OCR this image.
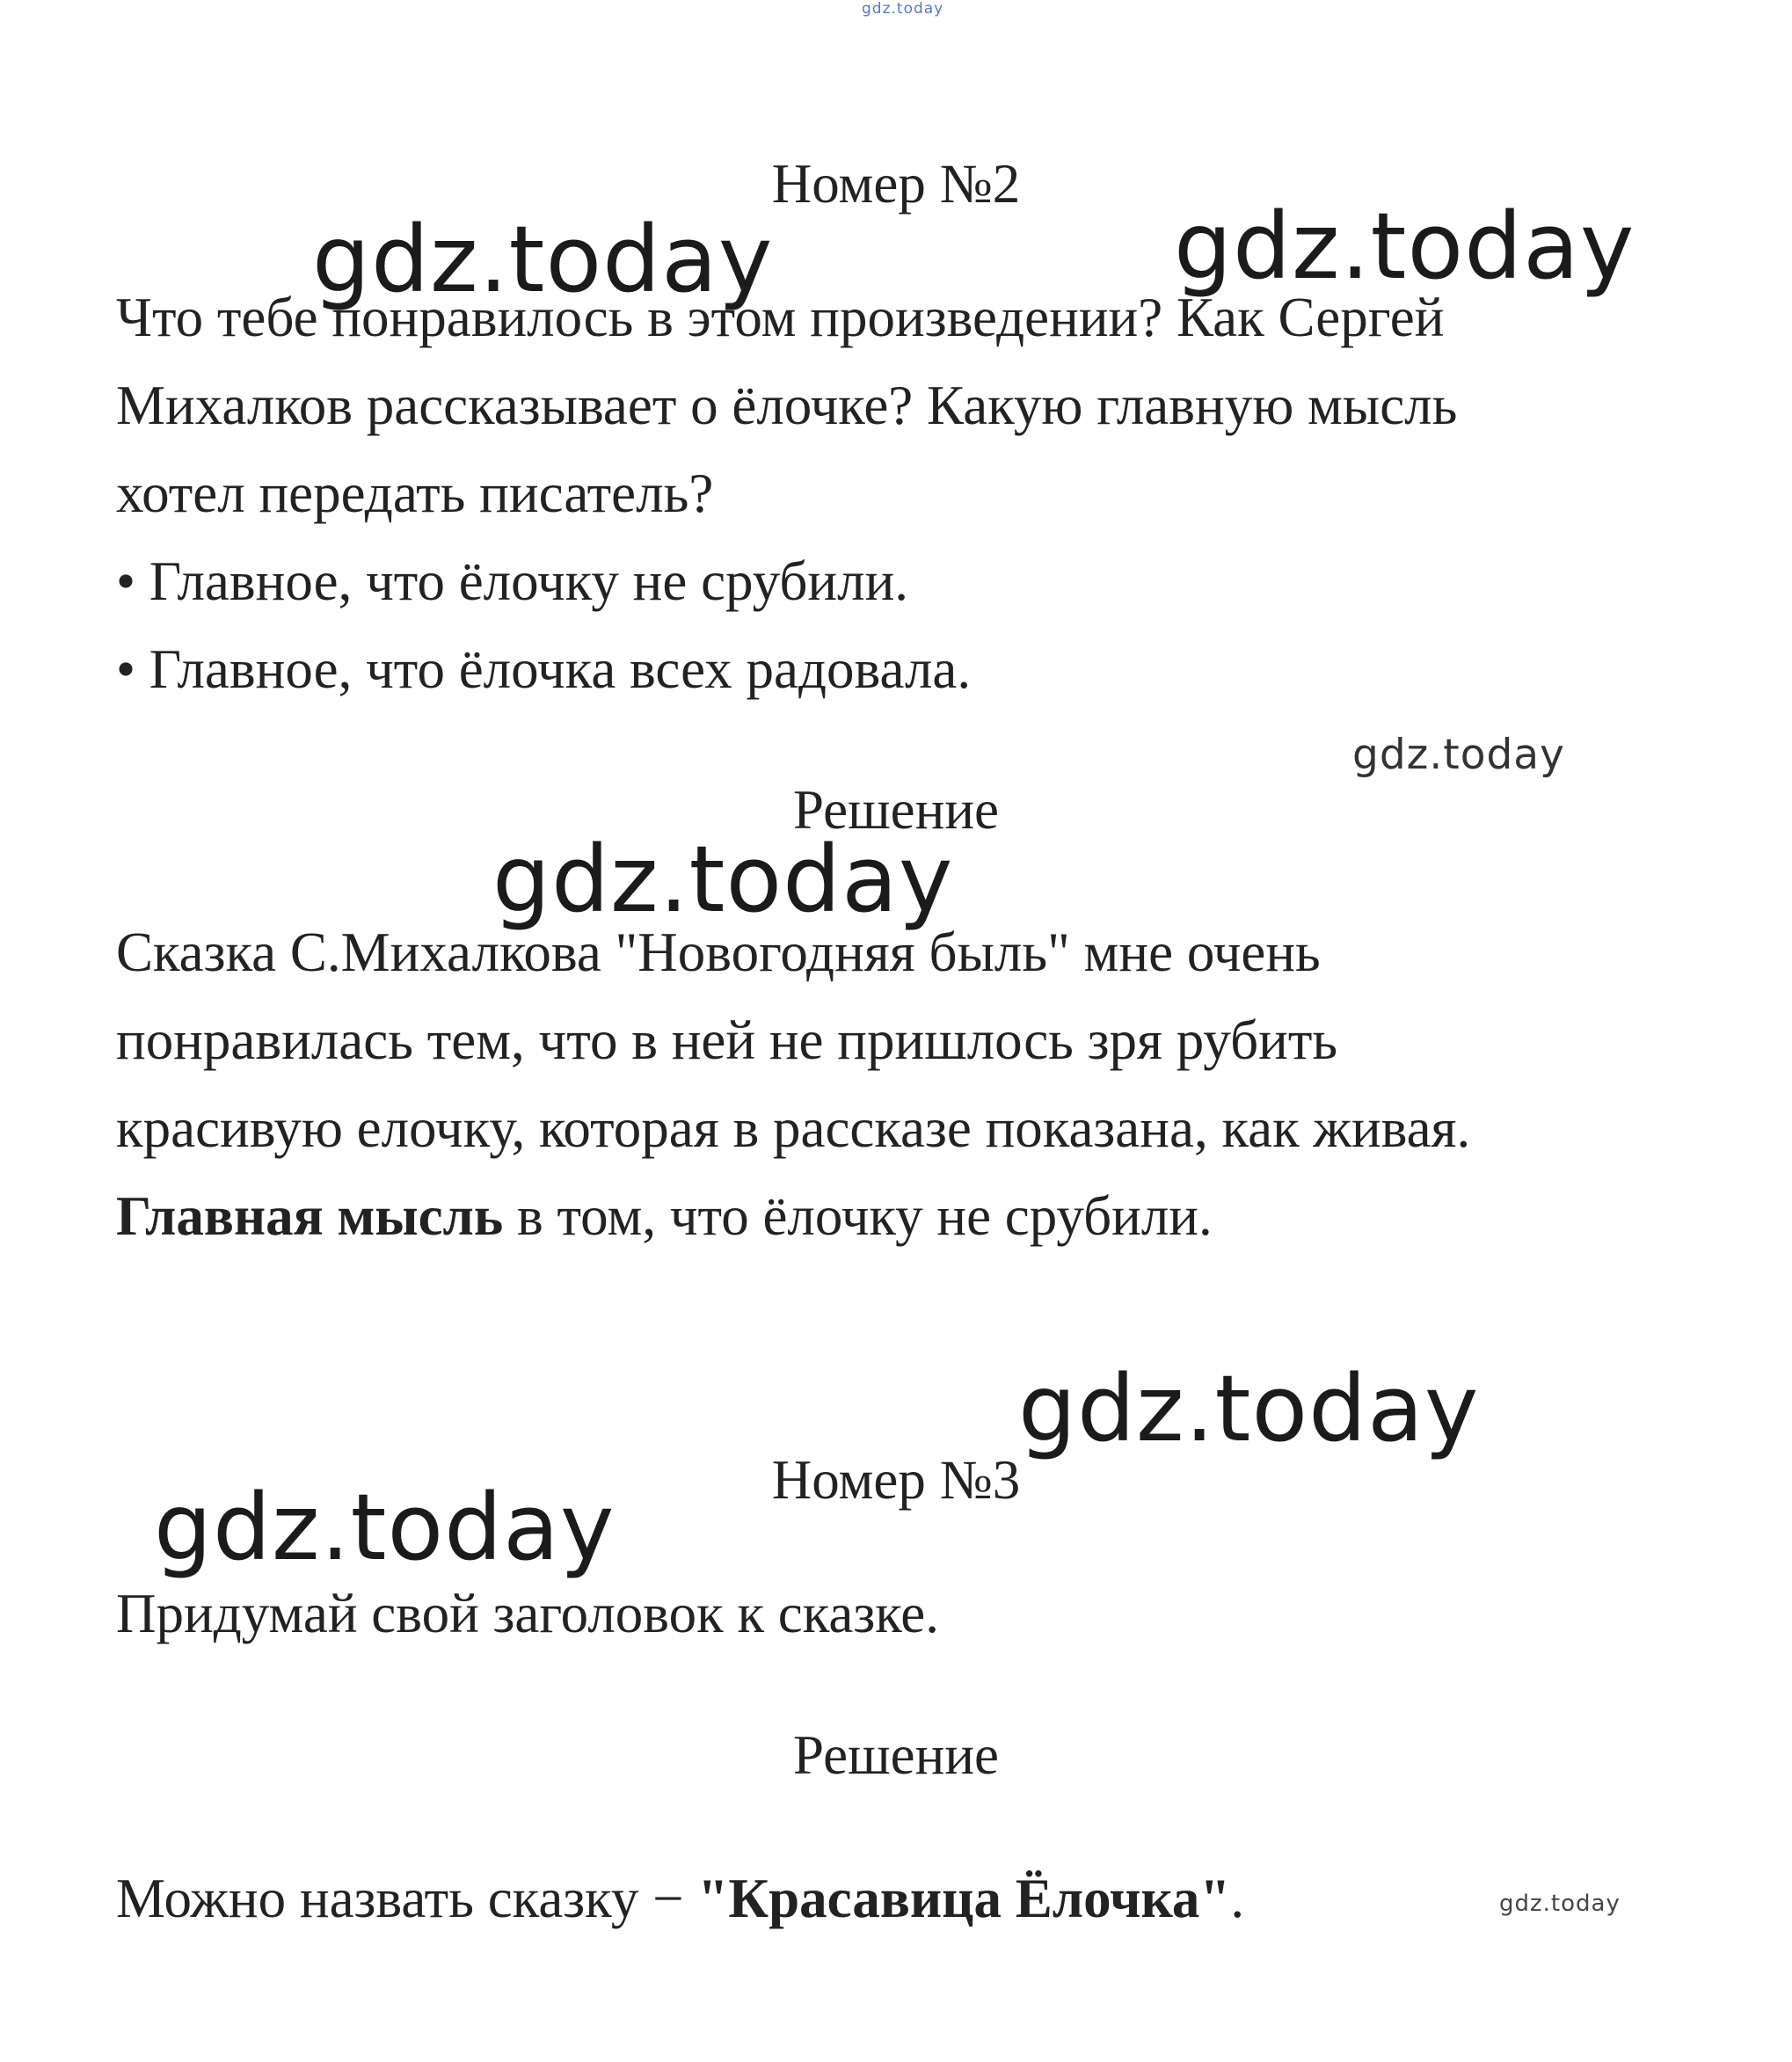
gdz.today
gdz.today	gdz.today
gdz.today
gdz.today
gdz.today
gdz.today
gdz.today
Номер №2
Что тебе понравилось в этом произведении? Как Сергей
Михалков рассказывает о ёлочке? Какую главную мысль
хотел передать писатель?
• Главное, что ёлочку не срубили.
• Главное, что ёлочка всех радовала.
Решение
Сказка С.Михалкова "Новогодняя быль" мне очень
понравилась тем, что в ней не пришлось зря рубить
красивую елочку, которая в рассказе показана, как живая.
Главная мысль в том, что ёлочку не срубили.
Номер №3
Придумай свой заголовок к сказке.
Решение
Можно назвать сказку − "Красавица Ёлочка".
